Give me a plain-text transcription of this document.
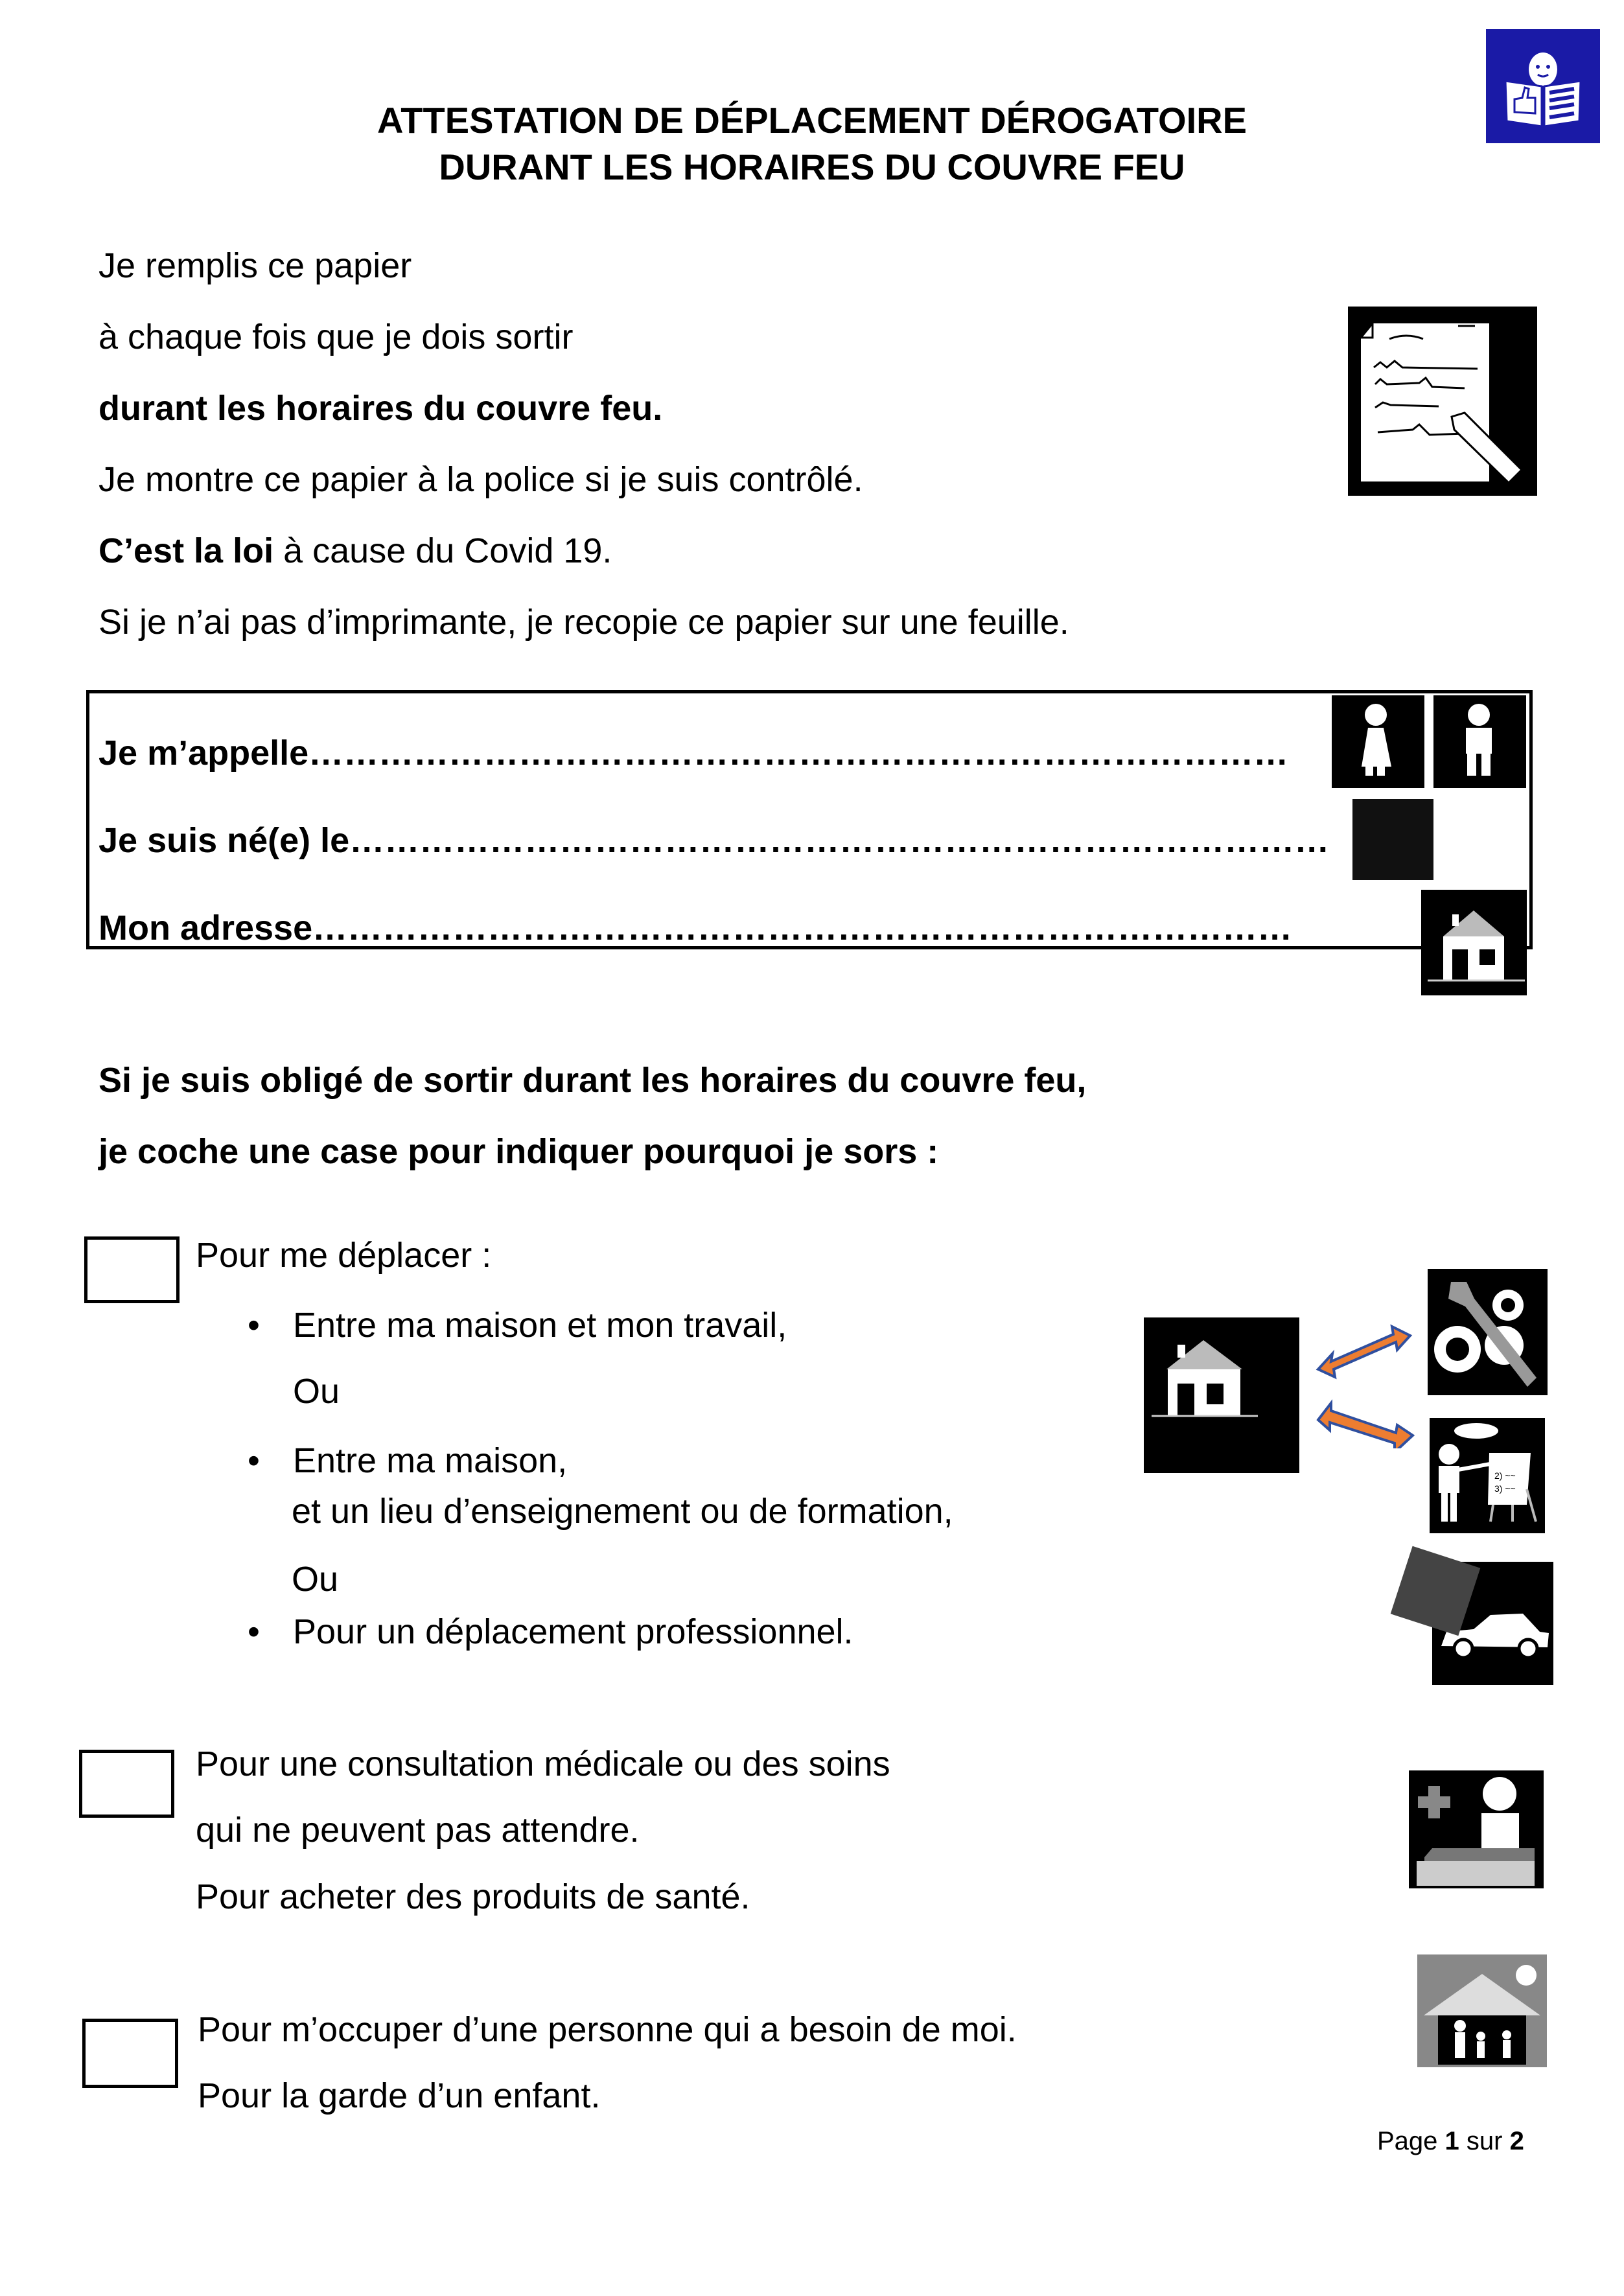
ATTESTATION DE DÉPLACEMENT DÉROGATOIRE
DURANT LES HORAIRES DU COUVRE FEU
Je remplis ce papier
à chaque fois que je dois sortir
durant les horaires du couvre feu.
Je montre ce papier à la police si je suis contrôlé.
C’est la loi à cause du Covid 19.
Si je n’ai pas d’imprimante, je recopie ce papier sur une feuille.
Je m’appelle…………………………………………………………………………
Je suis né(e) le…………………………………………………………………………
Mon adresse…………………………………………………………………………
Si je suis obligé de sortir durant les horaires du couvre feu,
je coche une case pour indiquer pourquoi je sors :
Pour me déplacer :
• Entre ma maison et mon travail,
Ou
• Entre ma maison,
et un lieu d’enseignement ou de formation,
Ou
• Pour un déplacement professionnel.
2) ~~
3) ~~
Pour une consultation médicale ou des soins
qui ne peuvent pas attendre.
Pour acheter des produits de santé.
Pour m’occuper d’une personne qui a besoin de moi.
Pour la garde d’un enfant.
Page 1 sur 2
